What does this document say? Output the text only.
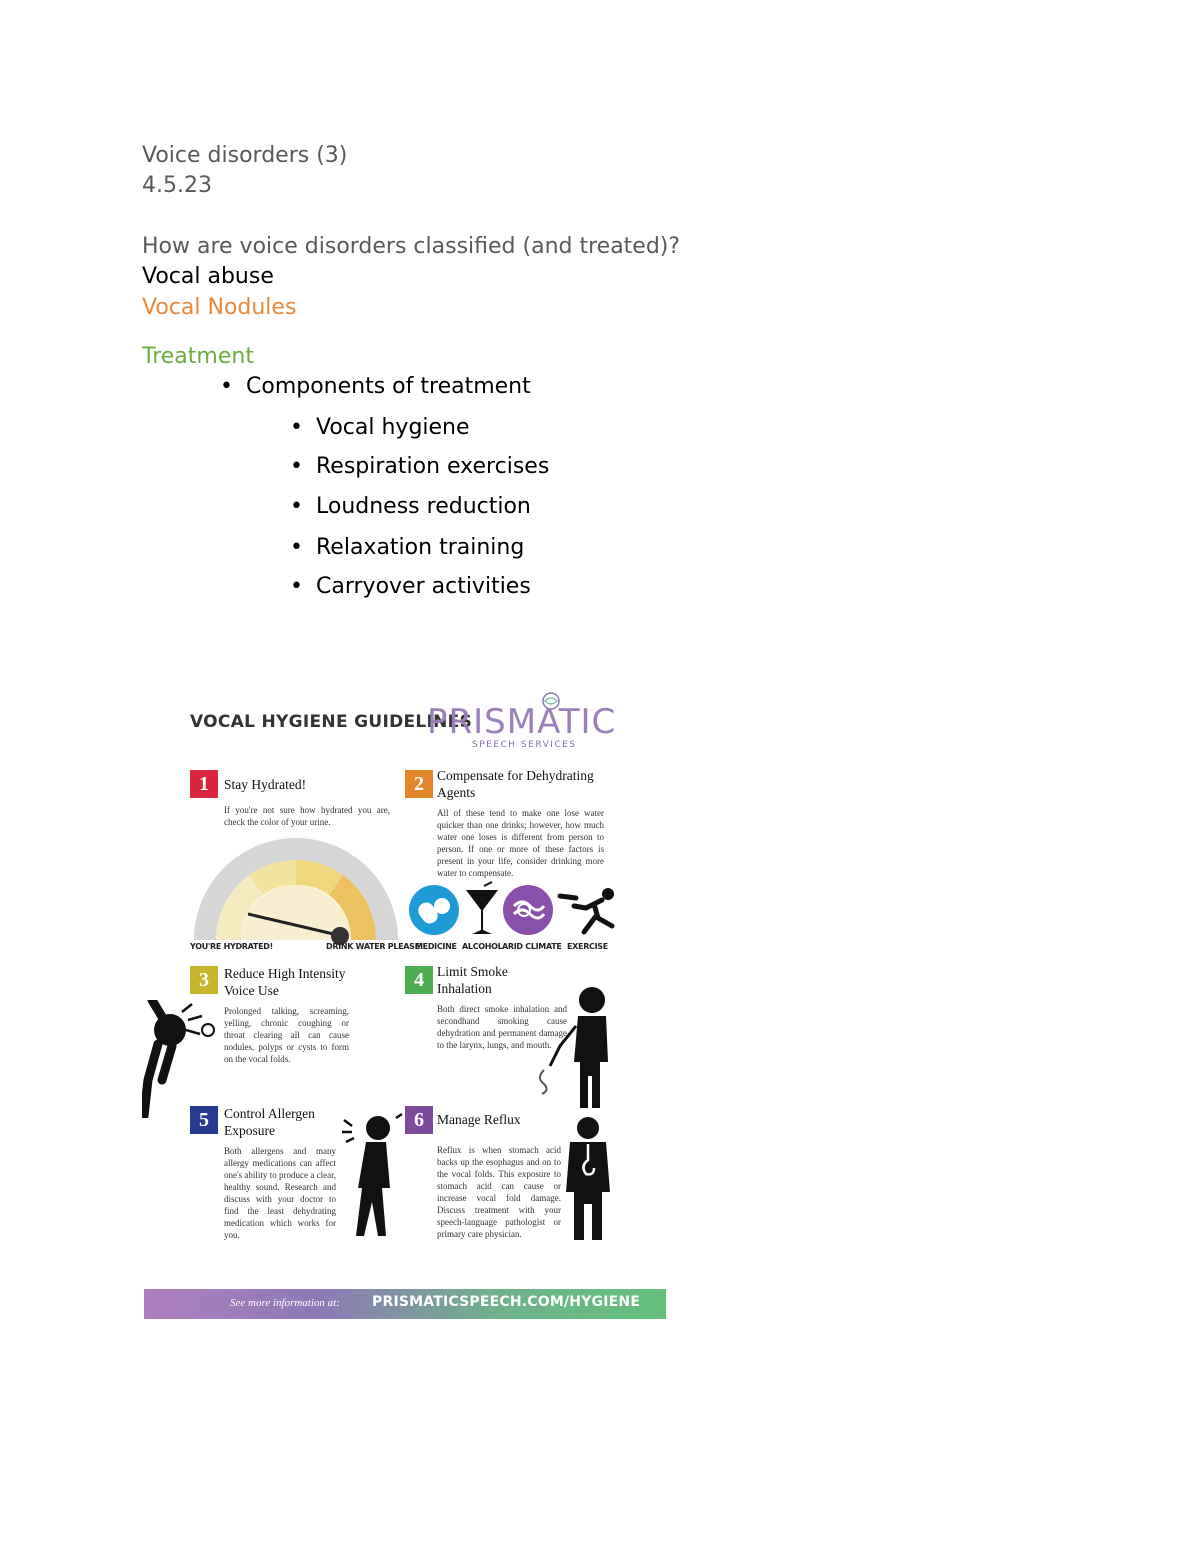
Voice disorders (3)
4.5.23
How are voice disorders classified (and treated)?
Vocal abuse
Vocal Nodules
Treatment
• Components of treatment
• Vocal hygiene
• Respiration exercises
• Loudness reduction
• Relaxation training
• Carryover activities
VOCAL HYGIENE GUIDELINES
PRISMATIC
SPEECH SERVICES
1	Stay Hydrated!
If you're not sure how hydrated you are, check the color of your urine.
YOU'RE HYDRATED!	DRINK WATER PLEASE!
2 Compensate for Dehydrating Agents
All of these tend to make one lose water quicker than one drinks; however, how much water one loses is different from person to person. If one or more of these factors is present in your life, consider drinking more water to compensate.
MEDICINE ALCOHOL ARID CLIMATE EXERCISE
3	Reduce High Intensity Voice Use
Prolonged talking, screaming, yelling, chronic coughing or throat clearing all can cause nodules, polyps or cysts to form on the vocal folds.
4 Limit Smoke Inhalation
Both direct smoke inhalation and secondhand smoking cause dehydration and permanent damage to the larynx, lungs, and mouth.
5	Control Allergen Exposure
Both allergens and many allergy medications can affect one's ability to produce a clear, healthy sound. Research and discuss with your doctor to find the least dehydrating medication which works for you.
6 Manage Reflux
Reflux is when stomach acid backs up the esophagus and on to the vocal folds. This exposure to stomach acid can cause or increase vocal fold damage. Discuss treatment with your speech-language pathologist or primary care physician.
See more information at: PRISMATICSPEECH.COM/HYGIENE
